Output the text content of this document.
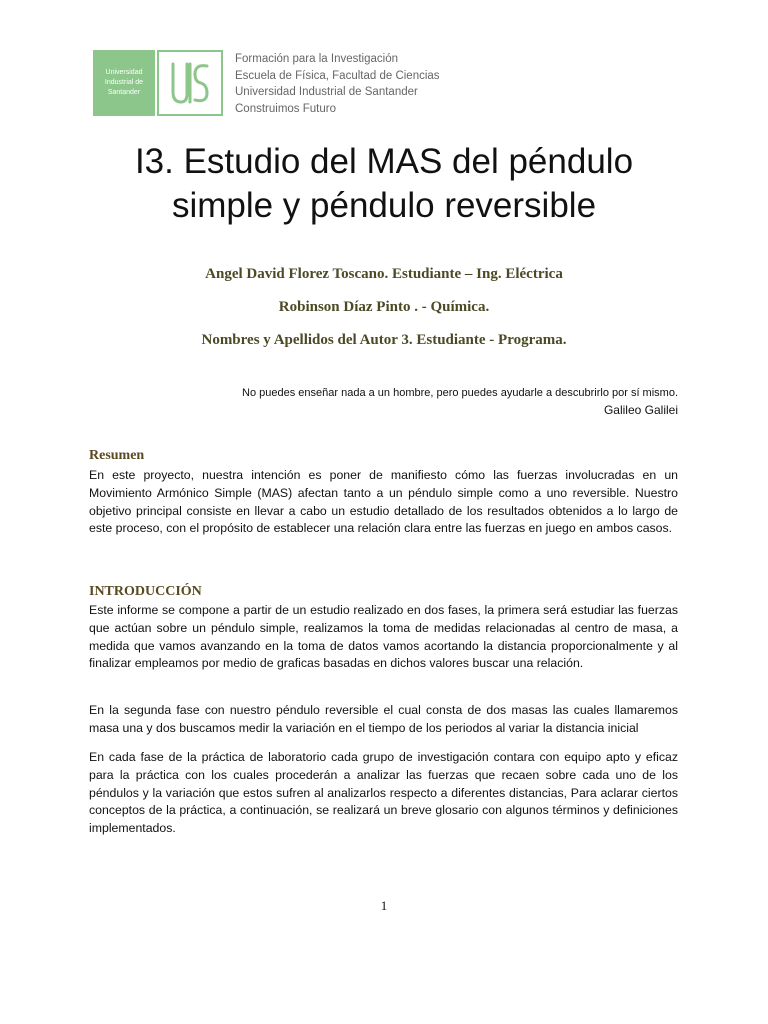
Universidad Industrial de Santander
Formación para la Investigación
Escuela de Física, Facultad de Ciencias
Universidad Industrial de Santander
Construimos Futuro
I3. Estudio del MAS del péndulo
simple y péndulo reversible
Angel David Florez Toscano. Estudiante – Ing. Eléctrica
Robinson Díaz Pinto . - Química.
Nombres y Apellidos del Autor 3. Estudiante - Programa.
No puedes enseñar nada a un hombre, pero puedes ayudarle a descubrirlo por sí mismo.
Galileo Galilei
Resumen
En este proyecto, nuestra intención es poner de manifiesto cómo las fuerzas involucradas en un Movimiento Armónico Simple (MAS) afectan tanto a un péndulo simple como a uno reversible. Nuestro objetivo principal consiste en llevar a cabo un estudio detallado de los resultados obtenidos a lo largo de este proceso, con el propósito de establecer una relación clara entre las fuerzas en juego en ambos casos.
INTRODUCCIÓN
Este informe se compone a partir de un estudio realizado en dos fases, la primera será estudiar las fuerzas que actúan sobre un péndulo simple, realizamos la toma de medidas relacionadas al centro de masa, a medida que vamos avanzando en la toma de datos vamos acortando la distancia proporcionalmente y al finalizar empleamos por medio de graficas basadas en dichos valores buscar una relación.
En la segunda fase con nuestro péndulo reversible el cual consta de dos masas las cuales llamaremos masa una y dos buscamos medir la variación en el tiempo de los periodos al variar la distancia inicial
En cada fase de la práctica de laboratorio cada grupo de investigación contara con equipo apto y eficaz para la práctica con los cuales procederán a analizar las fuerzas que recaen sobre cada uno de los péndulos y la variación que estos sufren al analizarlos respecto a diferentes distancias, Para aclarar ciertos conceptos de la práctica, a continuación, se realizará un breve glosario con algunos términos y definiciones implementados.
1
